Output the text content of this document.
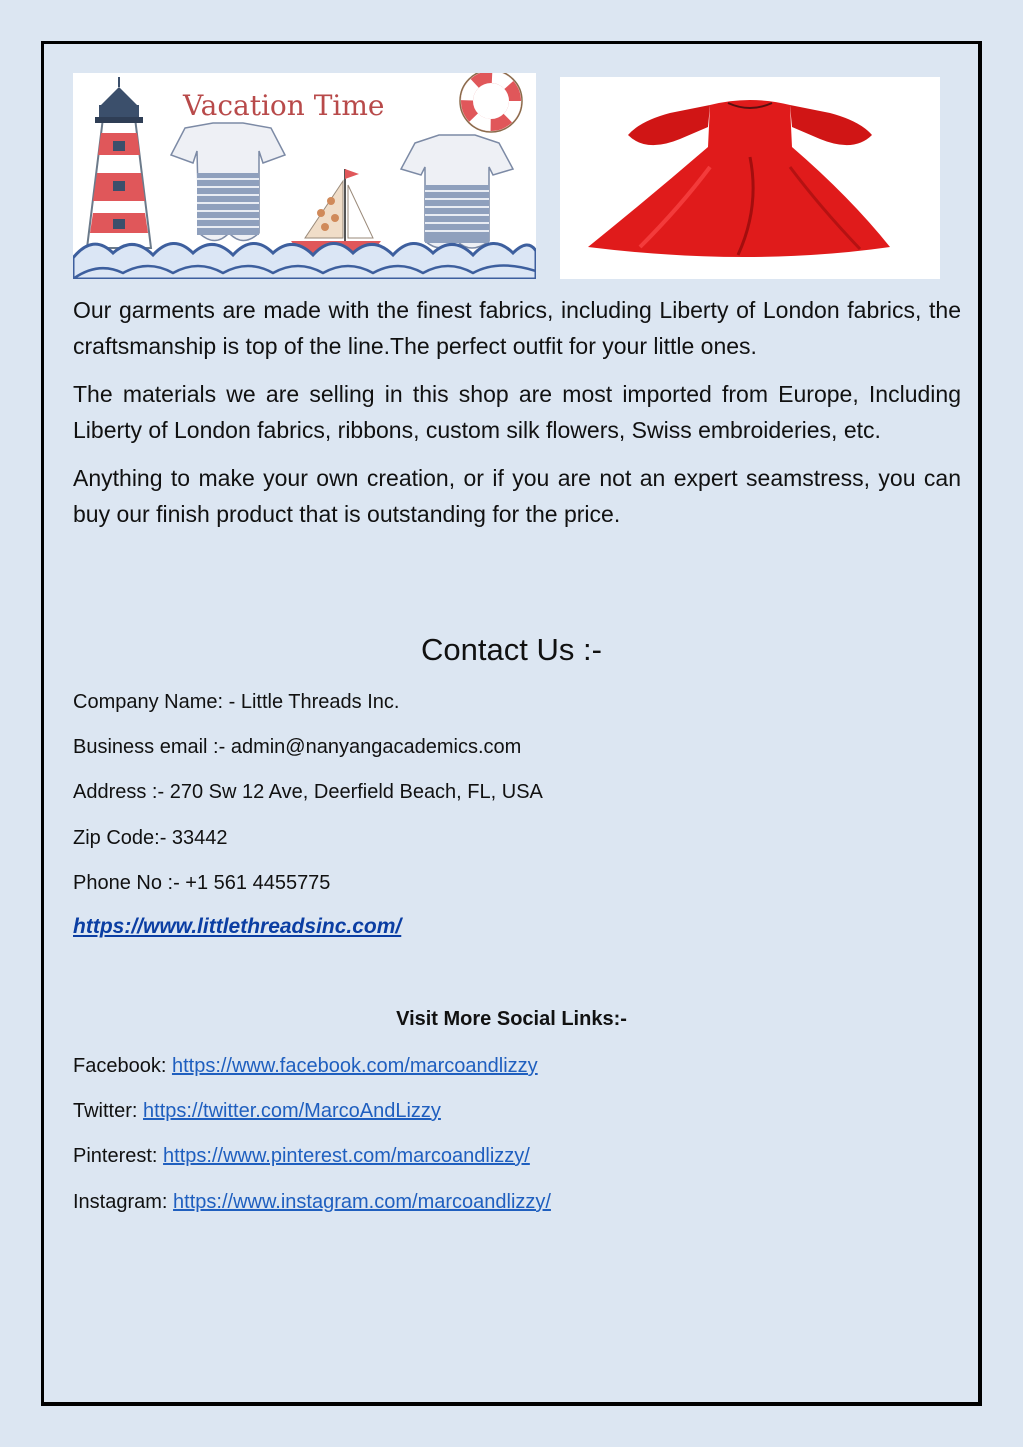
Vacation Time

Our garments are made with the finest fabrics, including Liberty of London fabrics, the craftsmanship is top of the line.The perfect outfit for your little ones.

The materials we are selling in this shop are most imported from Europe, Including Liberty of London fabrics, ribbons, custom silk flowers, Swiss embroideries, etc.

Anything to make your own creation, or if you are not an expert seamstress, you can buy our finish product that is outstanding for the price.

Contact Us :-
Company Name: - Little Threads Inc.
Business email :- admin@nanyangacademics.com
Address :- 270 Sw 12 Ave, Deerfield Beach, FL, USA
Zip Code:- 33442
Phone No :- +1 561 4455775
https://www.littlethreadsinc.com/
Visit More Social Links:-
Facebook: https://www.facebook.com/marcoandlizzy
Twitter: https://twitter.com/MarcoAndLizzy
Pinterest: https://www.pinterest.com/marcoandlizzy/
Instagram: https://www.instagram.com/marcoandlizzy/
